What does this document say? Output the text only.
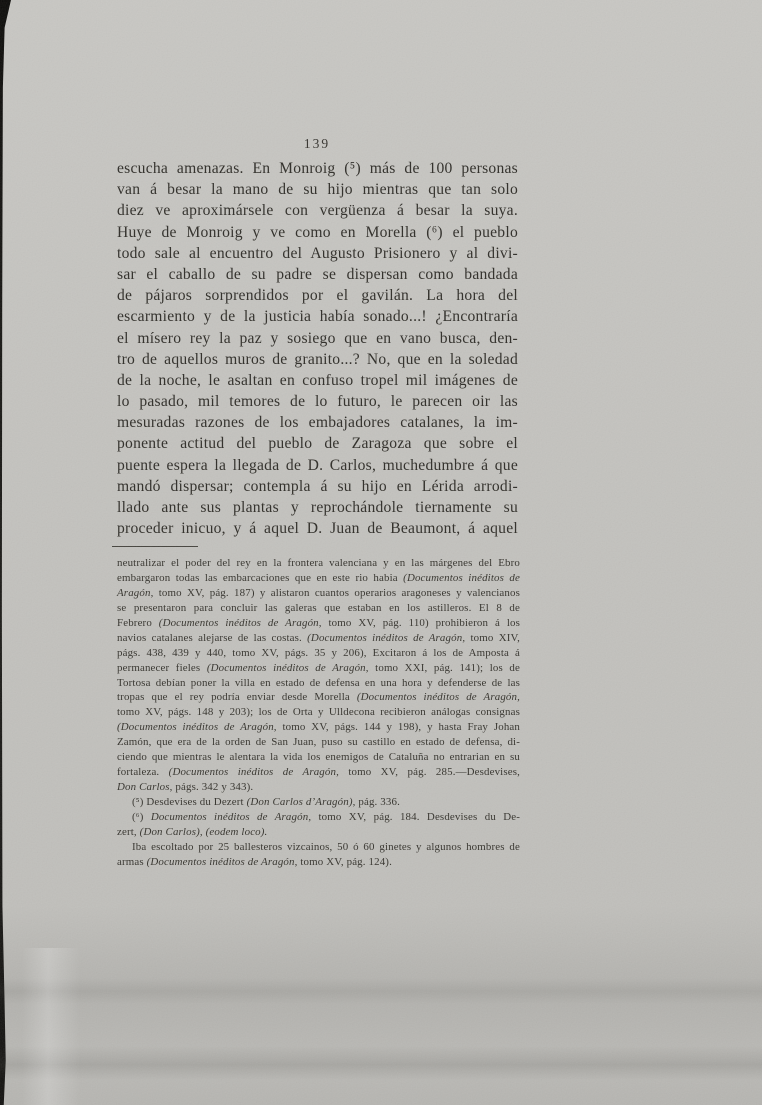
139
escucha amenazas. En Monroig (⁵) más de 100 personas
van á besar la mano de su hijo mientras que tan solo
diez ve aproximársele con vergüenza á besar la suya.
Huye de Monroig y ve como en Morella (⁶) el pueblo
todo sale al encuentro del Augusto Prisionero y al divi-
sar el caballo de su padre se dispersan como bandada
de pájaros sorprendidos por el gavilán. La hora del
escarmiento y de la justicia había sonado...! ¿Encontraría
el mísero rey la paz y sosiego que en vano busca, den-
tro de aquellos muros de granito...? No, que en la soledad
de la noche, le asaltan en confuso tropel mil imágenes de
lo pasado, mil temores de lo futuro, le parecen oir las
mesuradas razones de los embajadores catalanes, la im-
ponente actitud del pueblo de Zaragoza que sobre el
puente espera la llegada de D. Carlos, muchedumbre á que
mandó dispersar; contempla á su hijo en Lérida arrodi-
llado ante sus plantas y reprochándole tiernamente su
proceder inicuo, y á aquel D. Juan de Beaumont, á aquel
neutralizar el poder del rey en la frontera valenciana y en las márgenes del Ebro
embargaron todas las embarcaciones que en este rio habia (Documentos inéditos de
Aragón, tomo XV, pág. 187) y alistaron cuantos operarios aragoneses y valencianos
se presentaron para concluir las galeras que estaban en los astilleros. El 8 de
Febrero (Documentos inéditos de Aragón, tomo XV, pág. 110) prohibieron á los
navios catalanes alejarse de las costas. (Documentos inéditos de Aragón, tomo XIV,
págs. 438, 439 y 440, tomo XV, págs. 35 y 206), Excitaron á los de Amposta á
permanecer fieles (Documentos inéditos de Aragón, tomo XXI, pág. 141); los de
Tortosa debían poner la villa en estado de defensa en una hora y defenderse de las
tropas que el rey podría enviar desde Morella (Documentos inéditos de Aragón,
tomo XV, págs. 148 y 203); los de Orta y Ulldecona recibieron análogas consignas
(Documentos inéditos de Aragón, tomo XV, págs. 144 y 198), y hasta Fray Johan
Zamón, que era de la orden de San Juan, puso su castillo en estado de defensa, di-
ciendo que mientras le alentara la vida los enemigos de Cataluña no entrarian en su
fortaleza. (Documentos inéditos de Aragón, tomo XV, pág. 285.—Desdevises,
Don Carlos, págs. 342 y 343).
(⁵) Desdevises du Dezert (Don Carlos d’Aragón), pág. 336.
(⁶) Documentos inéditos de Aragón, tomo XV, pág. 184. Desdevises du De-
zert, (Don Carlos), (eodem loco).
Iba escoltado por 25 ballesteros vizcainos, 50 ó 60 ginetes y algunos hombres de
armas (Documentos inéditos de Aragón, tomo XV, pág. 124).
